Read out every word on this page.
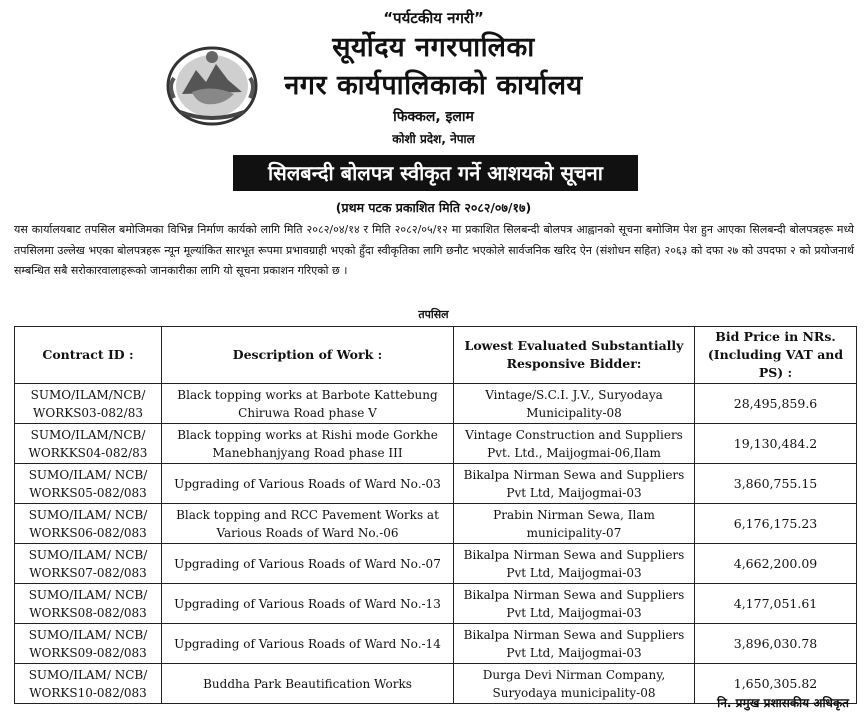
“पर्यटकीय नगरी”
सूर्योदय नगरपालिका
नगर कार्यपालिकाको कार्यालय
फिक्कल, इलाम
कोशी प्रदेश, नेपाल
सिलबन्दी बोलपत्र स्वीकृत गर्ने आशयको सूचना
(प्रथम पटक प्रकाशित मिति २०८२/०७/१७)

यस कार्यालयबाट तपसिल बमोजिमका विभिन्न निर्माण कार्यको लागि मिति २०८२/०४/१४ र मिति २०८२/०५/१२ मा प्रकाशित सिलबन्दी बोलपत्र आह्वानको सूचना बमोजिम पेश हुन आएका सिलबन्दी बोलपत्रहरू मध्ये तपसिलमा उल्लेख भएका बोलपत्रहरू न्यून मूल्यांकित सारभूत रूपमा प्रभावग्राही भएको हुँदा स्वीकृतिका लागि छनौट भएकोले सार्वजनिक खरिद ऐन (संशोधन सहित) २०६३ को दफा २७ को उपदफा २ को प्रयोजनार्थ सम्बन्धित सबै सरोकारवालाहरूको जानकारीका लागि यो सूचना प्रकाशन गरिएको छ ।

तपसिल
Contract ID :	Description of Work :	Lowest Evaluated Substantially Responsive Bidder:	Bid Price in NRs. (Including VAT and PS) :
SUMO/ILAM/NCB/ WORKS03-082/83	Black topping works at Barbote Kattebung Chiruwa Road phase V	Vintage/S.C.I. J.V., Suryodaya Municipality-08	28,495,859.6
SUMO/ILAM/NCB/ WORKKS04-082/83	Black topping works at Rishi mode Gorkhe Manebhanjyang Road phase III	Vintage Construction and Suppliers Pvt. Ltd., Maijogmai-06,Ilam	19,130,484.2
SUMO/ILAM/ NCB/ WORKS05-082/083	Upgrading of Various Roads of Ward No.-03	Bikalpa Nirman Sewa and Suppliers Pvt Ltd, Maijogmai-03	3,860,755.15
SUMO/ILAM/ NCB/ WORKS06-082/083	Black topping and RCC Pavement Works at Various Roads of Ward No.-06	Prabin Nirman Sewa, Ilam municipality-07	6,176,175.23
SUMO/ILAM/ NCB/ WORKS07-082/083	Upgrading of Various Roads of Ward No.-07	Bikalpa Nirman Sewa and Suppliers Pvt Ltd, Maijogmai-03	4,662,200.09
SUMO/ILAM/ NCB/ WORKS08-082/083	Upgrading of Various Roads of Ward No.-13	Bikalpa Nirman Sewa and Suppliers Pvt Ltd, Maijogmai-03	4,177,051.61
SUMO/ILAM/ NCB/ WORKS09-082/083	Upgrading of Various Roads of Ward No.-14	Bikalpa Nirman Sewa and Suppliers Pvt Ltd, Maijogmai-03	3,896,030.78
SUMO/ILAM/ NCB/ WORKS10-082/083	Buddha Park Beautification Works	Durga Devi Nirman Company, Suryodaya municipality-08	1,650,305.82
नि. प्रमुख प्रशासकीय अधिकृत
